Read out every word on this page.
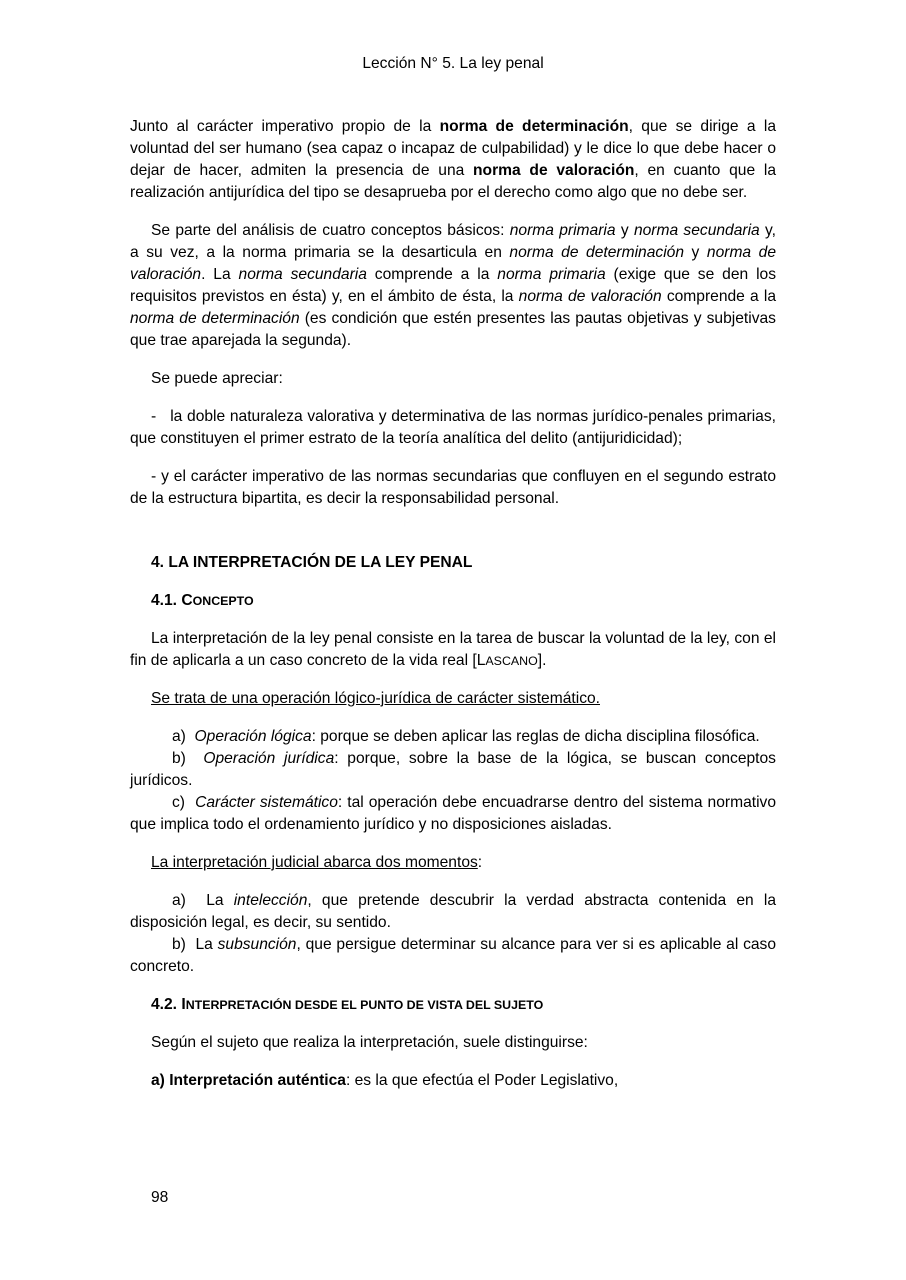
Lección N° 5. La ley penal

Junto al carácter imperativo propio de la norma de determinación, que se dirige a la voluntad del ser humano (sea capaz o incapaz de culpabilidad) y le dice lo que debe hacer o dejar de hacer, admiten la presencia de una norma de valoración, en cuanto que la realización antijurídica del tipo se desaprueba por el derecho como algo que no debe ser.

Se parte del análisis de cuatro conceptos básicos: norma primaria y norma secundaria y, a su vez, a la norma primaria se la desarticula en norma de determinación y norma de valoración. La norma secundaria comprende a la norma primaria (exige que se den los requisitos previstos en ésta) y, en el ámbito de ésta, la norma de valoración comprende a la norma de determinación (es condición que estén presentes las pautas objetivas y subjetivas que trae aparejada la segunda).

Se puede apreciar:

- la doble naturaleza valorativa y determinativa de las normas jurídico-penales primarias, que constituyen el primer estrato de la teoría analítica del delito (antijuridicidad);

- y el carácter imperativo de las normas secundarias que confluyen en el segundo estrato de la estructura bipartita, es decir la responsabilidad personal.

4. LA INTERPRETACIÓN DE LA LEY PENAL
4.1. CONCEPTO

La interpretación de la ley penal consiste en la tarea de buscar la voluntad de la ley, con el fin de aplicarla a un caso concreto de la vida real [LASCANO].

Se trata de una operación lógico-jurídica de carácter sistemático.

a) Operación lógica: porque se deben aplicar las reglas de dicha disciplina filosófica.

b) Operación jurídica: porque, sobre la base de la lógica, se buscan conceptos jurídicos.

c) Carácter sistemático: tal operación debe encuadrarse dentro del sistema normativo que implica todo el ordenamiento jurídico y no disposiciones aisladas.

La interpretación judicial abarca dos momentos:

a) La intelección, que pretende descubrir la verdad abstracta contenida en la disposición legal, es decir, su sentido.

b) La subsunción, que persigue determinar su alcance para ver si es aplicable al caso concreto.

4.2. INTERPRETACIÓN DESDE EL PUNTO DE VISTA DEL SUJETO

Según el sujeto que realiza la interpretación, suele distinguirse:

a) Interpretación auténtica: es la que efectúa el Poder Legislativo,

98
